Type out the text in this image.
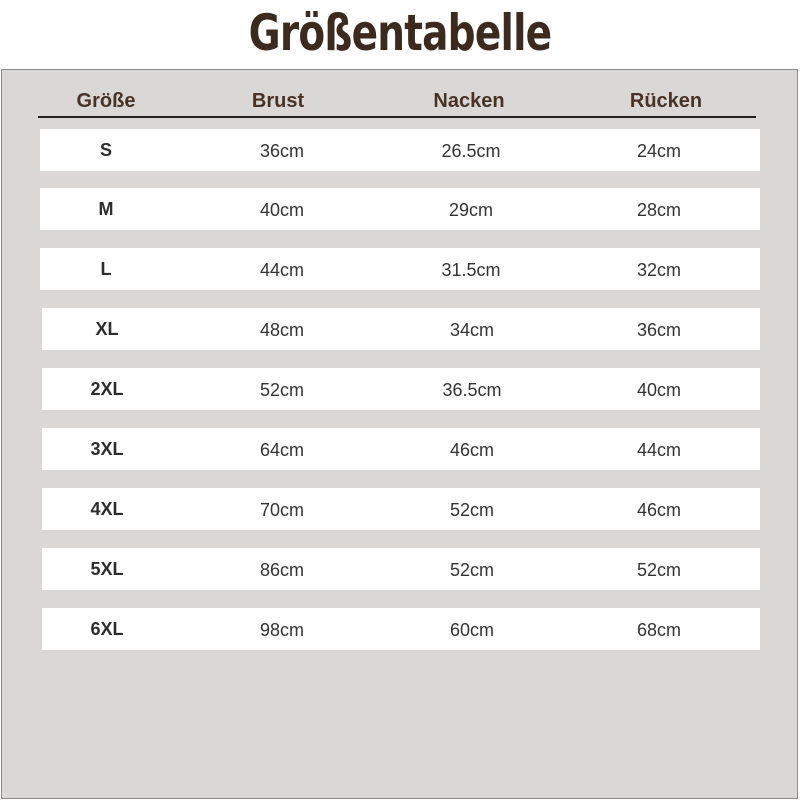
Größentabelle
Größe	Brust	Nacken	Rücken
S	36cm	26.5cm	24cm
M	40cm	29cm	28cm
L	44cm	31.5cm	32cm
XL	48cm	34cm	36cm
2XL	52cm	36.5cm	40cm
3XL	64cm	46cm	44cm
4XL	70cm	52cm	46cm
5XL	86cm	52cm	52cm
6XL	98cm	60cm	68cm
